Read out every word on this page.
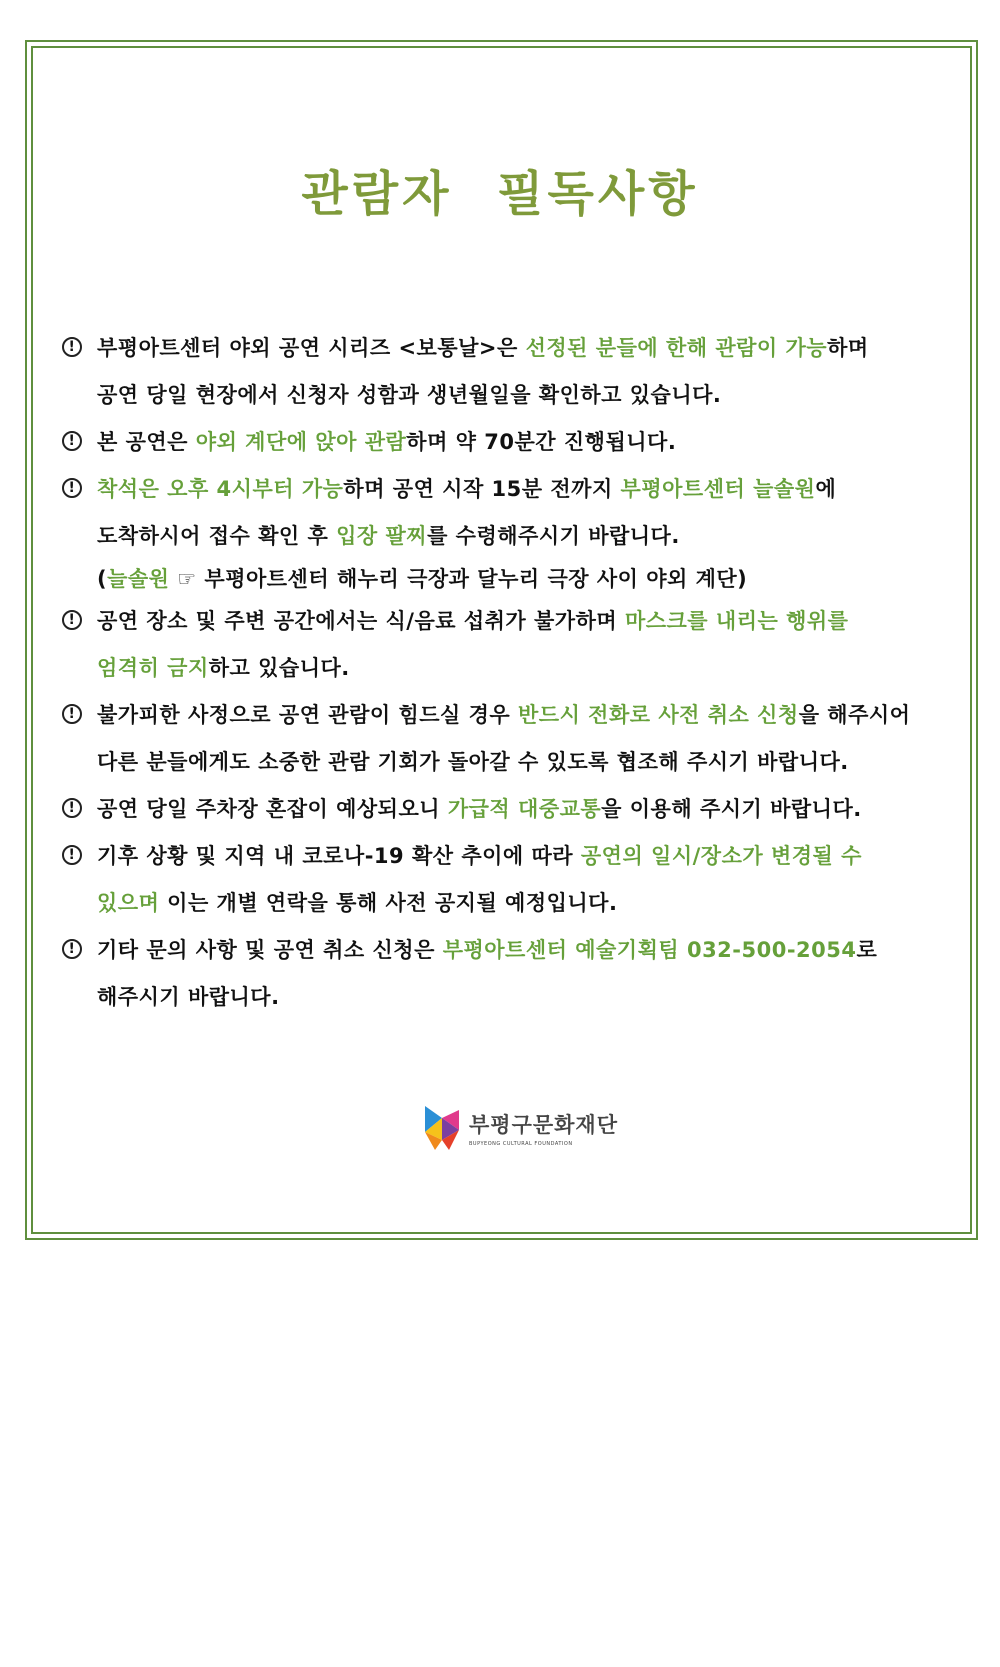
관람자 필독사항
!	부평아트센터 야외 공연 시리즈 <보통날>은 선정된 분들에 한해 관람이 가능하며
공연 당일 현장에서 신청자 성함과 생년월일을 확인하고 있습니다.
!	본 공연은 야외 계단에 앉아 관람하며 약 70분간 진행됩니다.
!	착석은 오후 4시부터 가능하며 공연 시작 15분 전까지 부평아트센터 늘솔원에
도착하시어 접수 확인 후 입장 팔찌를 수령해주시기 바랍니다.
(늘솔원 ☞ 부평아트센터 해누리 극장과 달누리 극장 사이 야외 계단)
!	공연 장소 및 주변 공간에서는 식/음료 섭취가 불가하며 마스크를 내리는 행위를
엄격히 금지하고 있습니다.
!	불가피한 사정으로 공연 관람이 힘드실 경우 반드시 전화로 사전 취소 신청을 해주시어
다른 분들에게도 소중한 관람 기회가 돌아갈 수 있도록 협조해 주시기 바랍니다.
!	공연 당일 주차장 혼잡이 예상되오니 가급적 대중교통을 이용해 주시기 바랍니다.
!	기후 상황 및 지역 내 코로나-19 확산 추이에 따라 공연의 일시/장소가 변경될 수
있으며 이는 개별 연락을 통해 사전 공지될 예정입니다.
!	기타 문의 사항 및 공연 취소 신청은 부평아트센터 예술기획팀 032-500-2054로
해주시기 바랍니다.
부평구문화재단
BUPYEONG CULTURAL FOUNDATION
